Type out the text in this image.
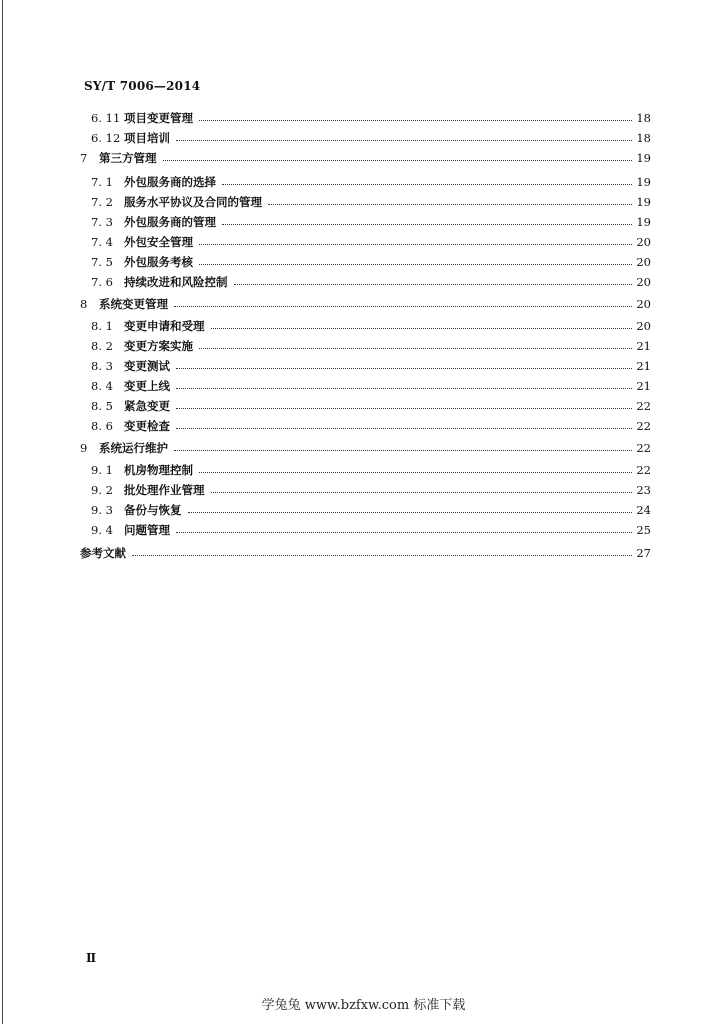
SY/T 7006—2014
6. 11 项目变更管理	18
6. 12 项目培训	18
7 第三方管理	19
7. 1 外包服务商的选择	19
7. 2 服务水平协议及合同的管理	19
7. 3 外包服务商的管理	19
7. 4 外包安全管理	20
7. 5 外包服务考核	20
7. 6 持续改进和风险控制	20
8 系统变更管理	20
8. 1 变更申请和受理	20
8. 2 变更方案实施	21
8. 3 变更测试	21
8. 4 变更上线	21
8. 5 紧急变更	22
8. 6 变更检查	22
9 系统运行维护	22
9. 1 机房物理控制	22
9. 2 批处理作业管理	23
9. 3 备份与恢复	24
9. 4 问题管理	25
参考文献	27
Ⅱ
学兔兔 www.bzfxw.com 标准下载
